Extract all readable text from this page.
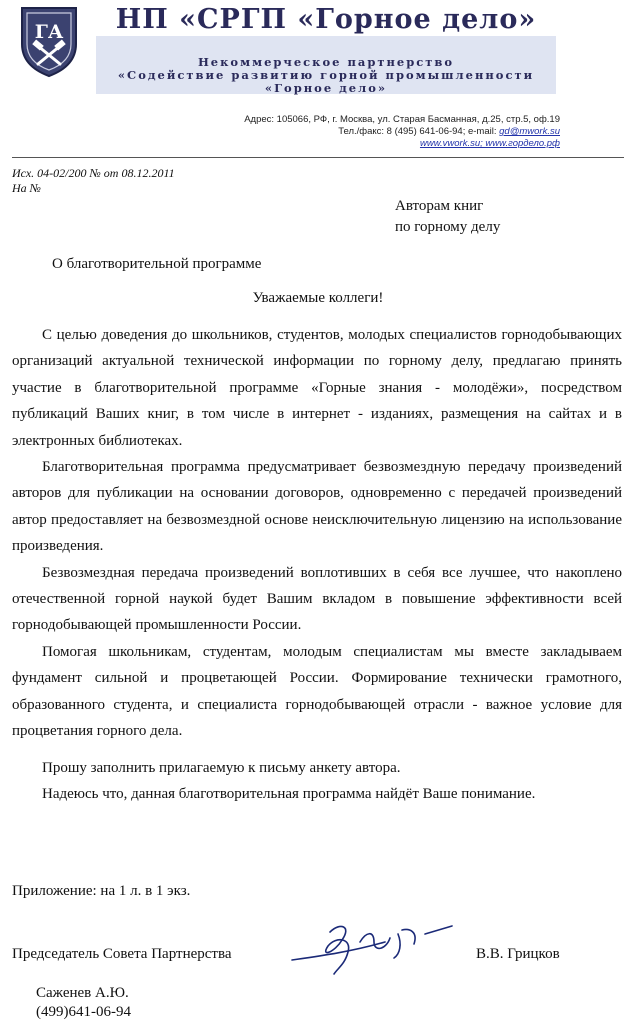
ГА	НП «СРГП «Горное дело»
Некоммерческое партнерство
«Содействие развитию горной промышленности
«Горное дело»
Адрес: 105066, РФ, г. Москва, ул. Старая Басманная, д.25, стр.5, оф.19
Тел./факс: 8 (495) 641-06-94; e-mail: gd@mwork.su
www.vwork.su; www.гордело.рф
Исх. 04-02/200 № от 08.12.2011
На №
Авторам книг
по горному делу
О благотворительной программе
Уважаемые коллеги!

С целью доведения до школьников, студентов, молодых специалистов горнодобывающих организаций актуальной технической информации по горному делу, предлагаю принять участие в благотворительной программе «Горные знания - молодёжи», посредством публикаций Ваших книг, в том числе в интернет - изданиях, размещения на сайтах и в электронных библиотеках.

Благотворительная программа предусматривает безвозмездную передачу произведений авторов для публикации на основании договоров, одновременно с передачей произведений автор предоставляет на безвозмездной основе неисключительную лицензию на использование произведения.

Безвозмездная передача произведений воплотивших в себя все лучшее, что накоплено отечественной горной наукой будет Вашим вкладом в повышение эффективности всей горнодобывающей промышленности России.

Помогая школьникам, студентам, молодым специалистам мы вместе закладываем фундамент сильной и процветающей России. Формирование технически грамотного, образованного студента, и специалиста горнодобывающей отрасли - важное условие для процветания горного дела.

Прошу заполнить прилагаемую к письму анкету автора.
Надеюсь что, данная благотворительная программа найдёт Ваше понимание.
Приложение: на 1 л. в 1 экз.
Председатель Совета Партнерства	В.В. Грицков
Саженев А.Ю.
(499)641-06-94
